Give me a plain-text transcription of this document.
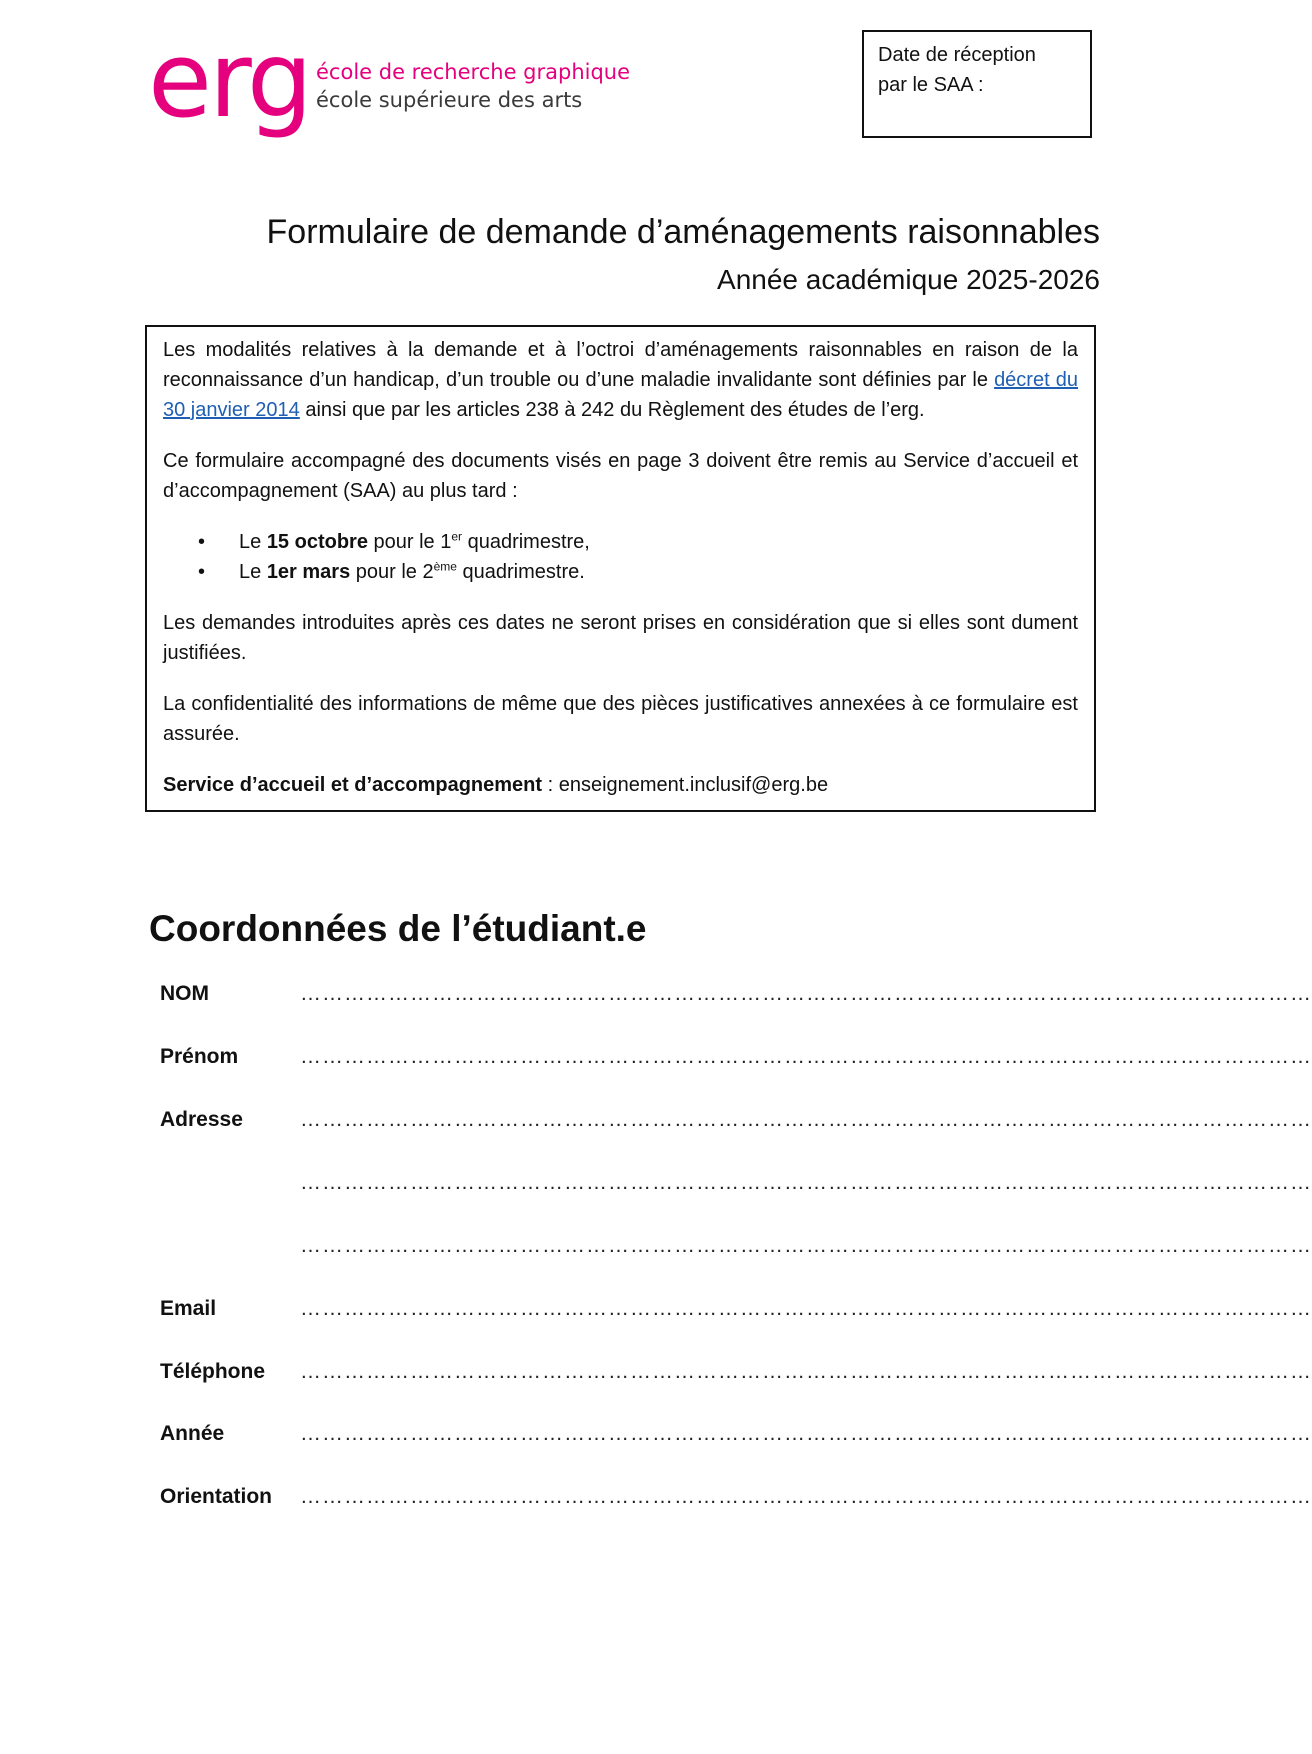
erg école de recherche graphique
école supérieure des arts
Date de réception
par le SAA :
Formulaire de demande d’aménagements raisonnables
Année académique 2025-2026

Les modalités relatives à la demande et à l’octroi d’aménagements raisonnables en raison de la reconnaissance d’un handicap, d’un trouble ou d’une maladie invalidante sont définies par le décret du 30 janvier 2014 ainsi que par les articles 238 à 242 du Règlement des études de l’erg.

Ce formulaire accompagné des documents visés en page 3 doivent être remis au Service d’accueil et d’accompagnement (SAA) au plus tard :

• Le 15 octobre pour le 1er quadrimestre,
• Le 1er mars pour le 2ème quadrimestre.

Les demandes introduites après ces dates ne seront prises en considération que si elles sont dument justifiées.

La confidentialité des informations de même que des pièces justificatives annexées à ce formulaire est assurée.

Service d’accueil et d’accompagnement : enseignement.inclusif@erg.be

Coordonnées de l’étudiant.e
NOM	…………………………………………………………………………………………………………………………
Prénom	…………………………………………………………………………………………………………………………
Adresse	…………………………………………………………………………………………………………………………
…………………………………………………………………………………………………………………………
…………………………………………………………………………………………………………………………
Email	…………………………………………………………………………………………………………………………
Téléphone …………………………………………………………………………………………………………………………
Année	…………………………………………………………………………………………………………………………
Orientation …………………………………………………………………………………………………………………………
